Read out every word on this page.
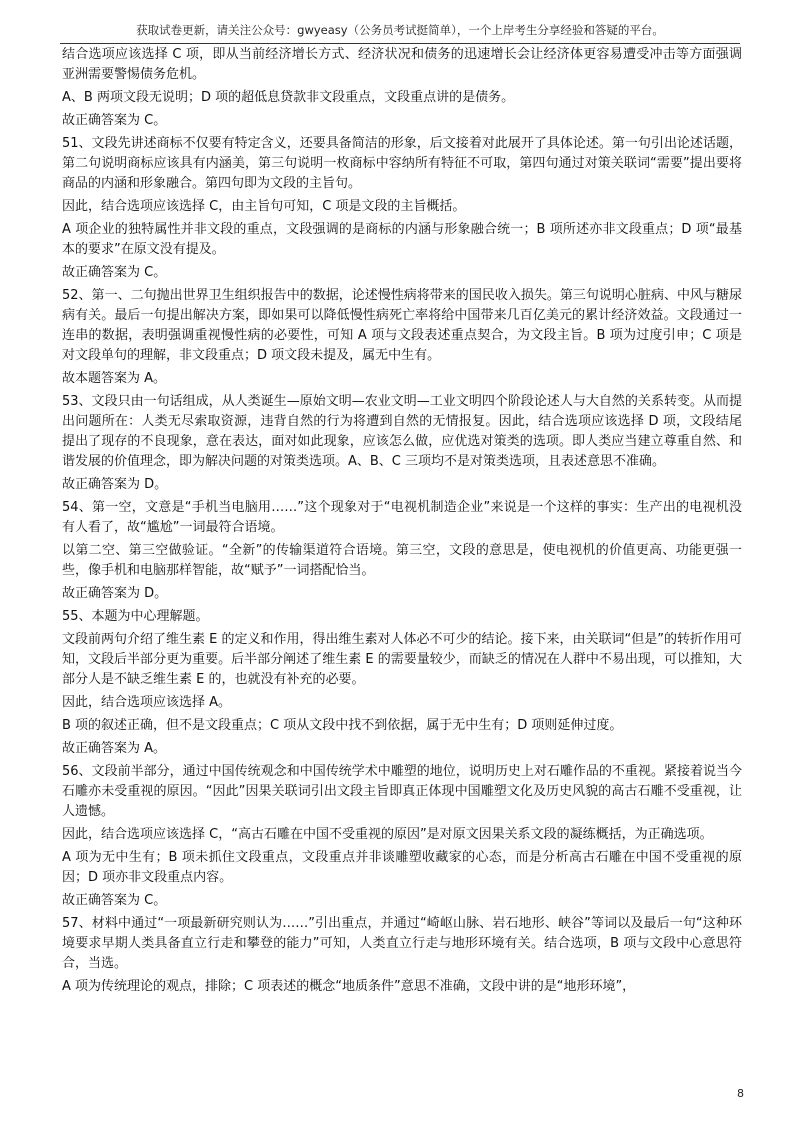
获取试卷更新，请关注公众号：gwyeasy（公务员考试挺简单），一个上岸考生分享经验和答疑的平台。

结合选项应该选择 C 项，即从当前经济增长方式、经济状况和债务的迅速增长会让经济体更容易遭受冲击等方面强调亚洲需要警惕债务危机。

A、B 两项文段无说明；D 项的超低息贷款非文段重点，文段重点讲的是债务。

故正确答案为 C。

51、文段先讲述商标不仅要有特定含义，还要具备简洁的形象，后文接着对此展开了具体论述。第一句引出论述话题，第二句说明商标应该具有内涵美，第三句说明一枚商标中容纳所有特征不可取，第四句通过对策关联词“需要”提出要将商品的内涵和形象融合。第四句即为文段的主旨句。

因此，结合选项应该选择 C，由主旨句可知，C 项是文段的主旨概括。

A 项企业的独特属性并非文段的重点，文段强调的是商标的内涵与形象融合统一；B 项所述亦非文段重点；D 项“最基本的要求”在原文没有提及。

故正确答案为 C。

52、第一、二句抛出世界卫生组织报告中的数据，论述慢性病将带来的国民收入损失。第三句说明心脏病、中风与糖尿病有关。最后一句提出解决方案，即如果可以降低慢性病死亡率将给中国带来几百亿美元的累计经济效益。文段通过一连串的数据，表明强调重视慢性病的必要性，可知 A 项与文段表述重点契合，为文段主旨。B 项为过度引申；C 项是对文段单句的理解，非文段重点；D 项文段未提及，属无中生有。

故本题答案为 A。

53、文段只由一句话组成，从人类诞生—原始文明—农业文明—工业文明四个阶段论述人与大自然的关系转变。从而提出问题所在：人类无尽索取资源，违背自然的行为将遭到自然的无情报复。因此，结合选项应该选择 D 项，文段结尾提出了现存的不良现象，意在表达，面对如此现象，应该怎么做，应优选对策类的选项。即人类应当建立尊重自然、和谐发展的价值理念，即为解决问题的对策类选项。A、B、C 三项均不是对策类选项，且表述意思不准确。

故正确答案为 D。

54、第一空，文意是“手机当电脑用……”这个现象对于“电视机制造企业”来说是一个这样的事实：生产出的电视机没有人看了，故“尴尬”一词最符合语境。

以第二空、第三空做验证。“全新”的传输渠道符合语境。第三空，文段的意思是，使电视机的价值更高、功能更强一些，像手机和电脑那样智能，故“赋予”一词搭配恰当。

故正确答案为 D。

55、本题为中心理解题。

文段前两句介绍了维生素 E 的定义和作用，得出维生素对人体必不可少的结论。接下来，由关联词“但是”的转折作用可知，文段后半部分更为重要。后半部分阐述了维生素 E 的需要量较少，而缺乏的情况在人群中不易出现，可以推知，大部分人是不缺乏维生素 E 的，也就没有补充的必要。

因此，结合选项应该选择 A。

B 项的叙述正确，但不是文段重点；C 项从文段中找不到依据，属于无中生有；D 项则延伸过度。

故正确答案为 A。

56、文段前半部分，通过中国传统观念和中国传统学术中雕塑的地位，说明历史上对石雕作品的不重视。紧接着说当今石雕亦未受重视的原因。“因此”因果关联词引出文段主旨即真正体现中国雕塑文化及历史风貌的高古石雕不受重视，让人遗憾。

因此，结合选项应该选择 C，“高古石雕在中国不受重视的原因”是对原文因果关系文段的凝练概括，为正确选项。

A 项为无中生有；B 项未抓住文段重点，文段重点并非谈雕塑收藏家的心态，而是分析高古石雕在中国不受重视的原因；D 项亦非文段重点内容。

故正确答案为 C。

57、材料中通过“一项最新研究则认为……”引出重点，并通过“崎岖山脉、岩石地形、峡谷”等词以及最后一句“这种环境要求早期人类具备直立行走和攀登的能力”可知，人类直立行走与地形环境有关。结合选项，B 项与文段中心意思符合，当选。

A 项为传统理论的观点，排除；C 项表述的概念“地质条件”意思不准确，文段中讲的是“地形环境”，

8
